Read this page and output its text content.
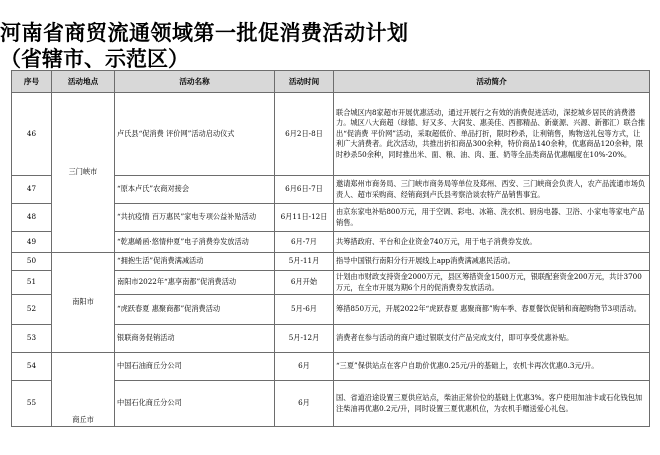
河南省商贸流通领域第一批促消费活动计划
（省辖市、示范区）
序号	活动地点	活动名称	活动时间	活动简介
46	三门峡市	卢氏县“促消费 评价网”活动启动仪式	6月2日-8日	联合城区内8家超市开展优惠活动，通过开展行之有效的消费促进活动，深挖城乡居民的消费潜力。城区八大商超（绿德、好又多、大润发、惠美佳、西都精品、新豪源、兴源、新都汇）联合推出“促消费 平价网”活动，采取超低价、单品打折，限时秒杀，让利销售，购物送礼包等方式，让利广大消费者。此次活动，共推出折扣商品300余种，特价商品140余种，优惠商品120余种，限时秒杀50余种，同时推出米、面、粮、油、肉、蛋、奶等全品类商品优惠幅度在10%-20%。
47		“原本卢氏”农商对接会	6月6日-7日	邀请郑州市商务局、三门峡市商务局等单位及郑州、西安、三门峡商会负责人，农产品流通市场负责人、超市采购商、经销商到卢氏县考察洽谈农特产品销售事宜。
48		“共抗疫情 百万惠民”家电专项公益补贴活动	6月11日-12日	由京东家电补贴800万元，用于空调、彩电、冰箱、洗衣机、厨房电器、卫浴、小家电等家电产品销售。
49		“乾惠崤函·悠情仲夏”电子消费券发放活动	6月-7月	共筹措政府、平台和企业资金740万元，用于电子消费券发放。
50	南阳市	“拥抱生活”促消费满减活动	5月-11月	指导中国银行南阳分行开展线上app消费满减惠民活动。
51		南阳市2022年“惠享南都”促消费活动	6月开始	计划由市财政支持资金2000万元，县区筹措资金1500万元，银联配套资金200万元，共计3700万元，在全市开展为期6个月的促消费券发放活动。
52		“虎跃春夏 惠聚商都”促消费活动	5月-6月	筹措850万元，开展2022年“虎跃春夏 惠聚商都”购车季、春夏餐饮促销和商超购物节3项活动。
53		银联商务促销活动	5月-12月	消费者在参与活动的商户通过银联支付产品完成支付，即可享受优惠补贴。
54	商丘市	中国石油商丘分公司	6月	“三夏”保供站点在客户自助价优惠0.25元/升的基础上，农机卡再次优惠0.3元/升。
55		中国石化商丘分公司	6月	国、省道沿途设置三夏供应站点，柴油正常价位的基础上优惠3%。客户使用加油卡或石化钱包加注柴油再优惠0.2元/升，同时设置三夏优惠机位，为农机手赠送爱心礼包。
